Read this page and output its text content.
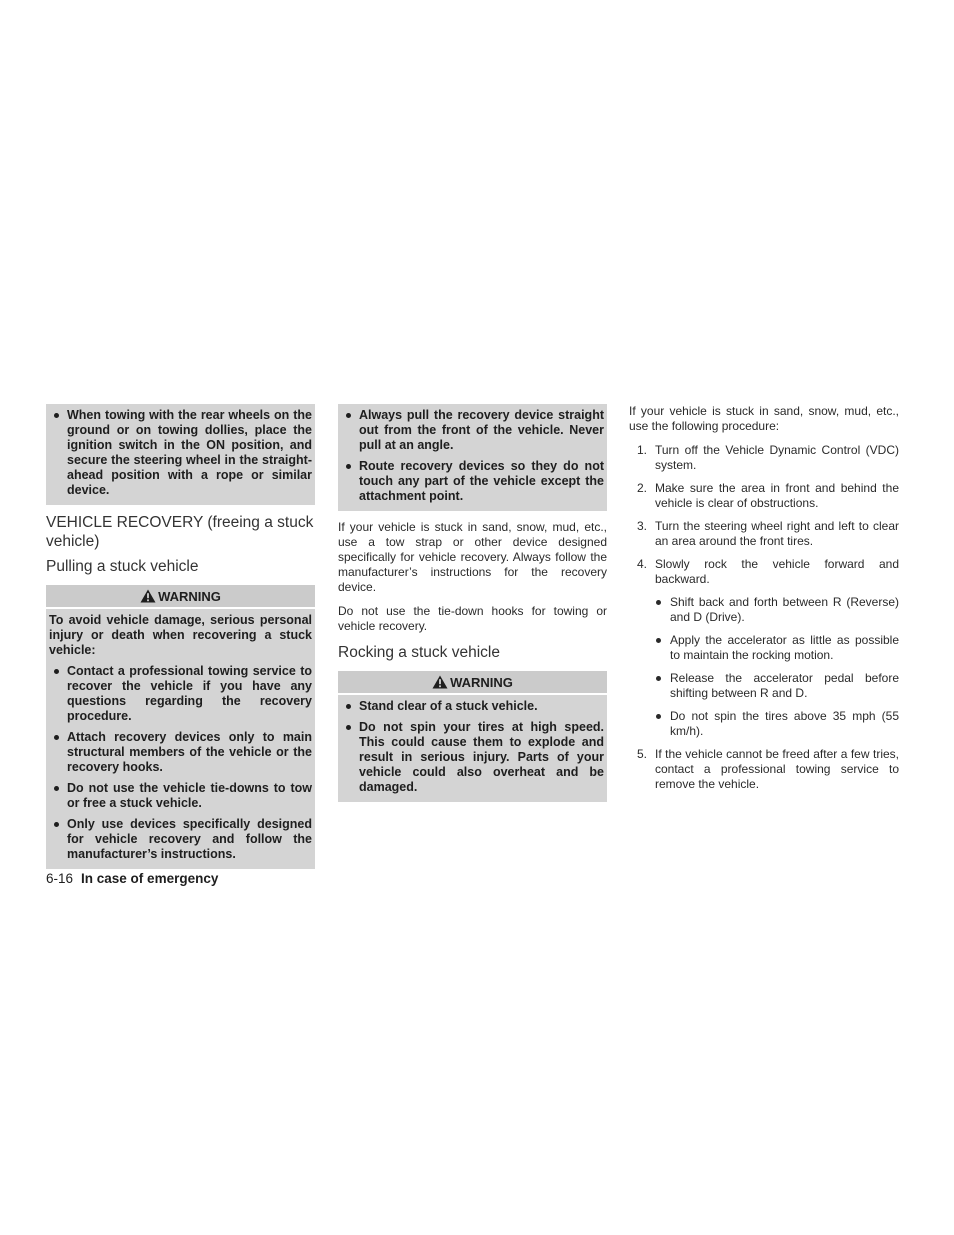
When towing with the rear wheels on the ground or on towing dollies, place the ignition switch in the ON position, and secure the steering wheel in the straight-ahead position with a rope or similar device.
VEHICLE RECOVERY (freeing a stuck vehicle)
Pulling a stuck vehicle
WARNING

To avoid vehicle damage, serious personal injury or death when recovering a stuck vehicle:

Contact a professional towing service to recover the vehicle if you have any questions regarding the recovery procedure.
Attach recovery devices only to main structural members of the vehicle or the recovery hooks.
Do not use the vehicle tie-downs to tow or free a stuck vehicle.
Only use devices specifically designed for vehicle recovery and follow the manufacturer’s instructions.
Always pull the recovery device straight out from the front of the vehicle. Never pull at an angle.
Route recovery devices so they do not touch any part of the vehicle except the attachment point.

If your vehicle is stuck in sand, snow, mud, etc., use a tow strap or other device designed specifically for vehicle recovery. Always follow the manufacturer’s instructions for the recovery device.

Do not use the tie-down hooks for towing or vehicle recovery.

Rocking a stuck vehicle
WARNING
Stand clear of a stuck vehicle.
Do not spin your tires at high speed. This could cause them to explode and result in serious injury. Parts of your vehicle could also overheat and be damaged.

If your vehicle is stuck in sand, snow, mud, etc., use the following procedure:

1. Turn off the Vehicle Dynamic Control (VDC) system.
2. Make sure the area in front and behind the vehicle is clear of obstructions.
3. Turn the steering wheel right and left to clear an area around the front tires.
4. Slowly rock the vehicle forward and backward.
Shift back and forth between R (Reverse) and D (Drive).
Apply the accelerator as little as possible to maintain the rocking motion.
Release the accelerator pedal before shifting between R and D.
Do not spin the tires above 35 mph (55 km/h).
5. If the vehicle cannot be freed after a few tries, contact a professional towing service to remove the vehicle.
6-16 In case of emergency
